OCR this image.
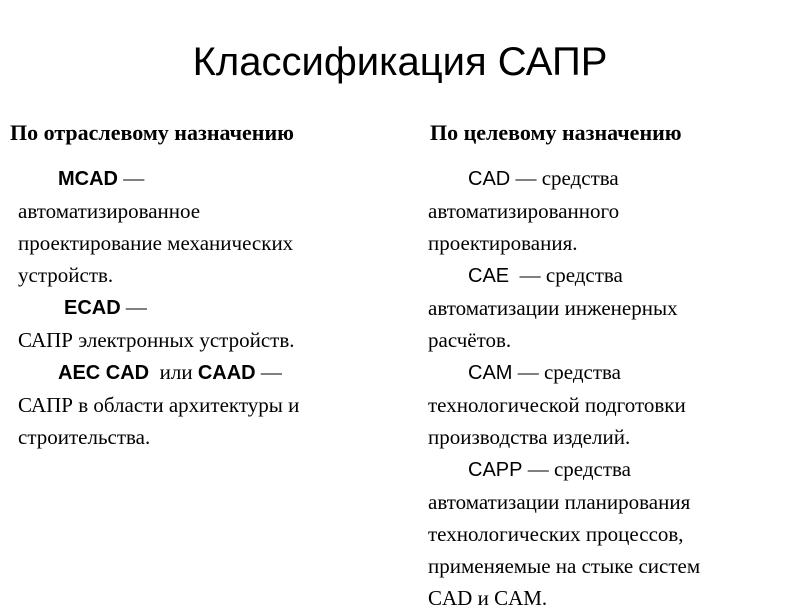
Классификация САПР
По отраслевому назначению	По целевому назначению
MCAD —
автоматизированное
проектирование механических
устройств.
ECAD —
САПР электронных устройств.
AEC CAD  или CAAD —
САПР в области архитектуры и
строительства.
CAD — средства
автоматизированного
проектирования.
CAE  — средства
автоматизации инженерных
расчётов.
CAM — средства
технологической подготовки
производства изделий.
CAPP — средства
автоматизации планирования
технологических процессов,
применяемые на стыке систем
CAD и CAM.
